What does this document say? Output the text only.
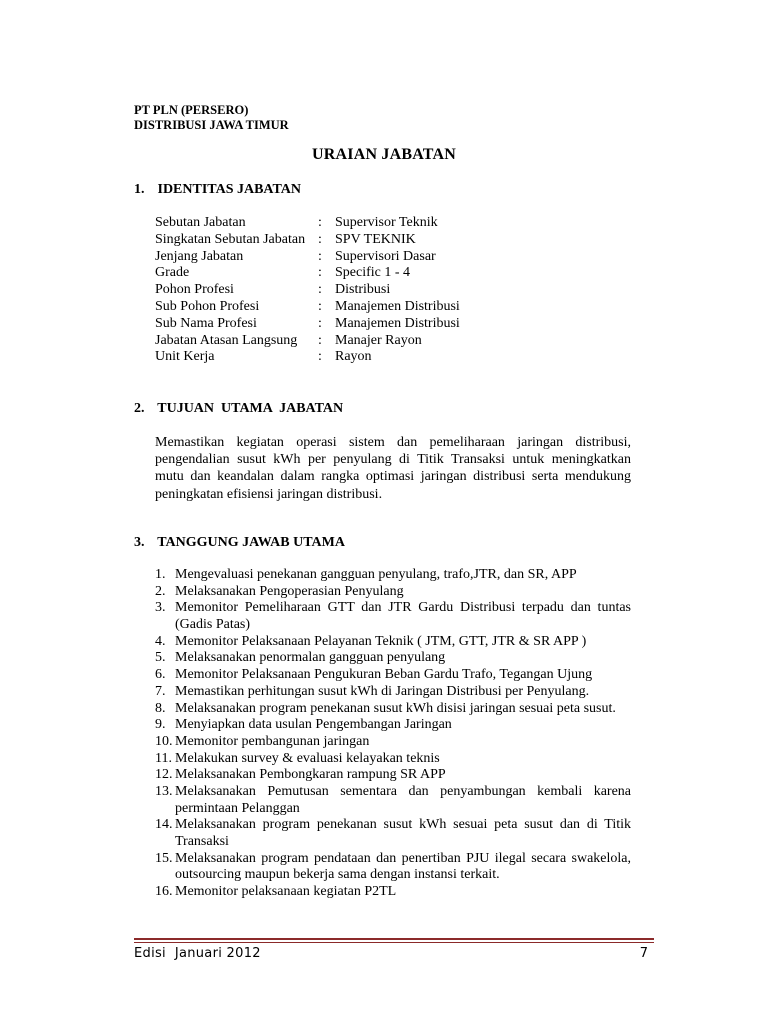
PT PLN (PERSERO)
DISTRIBUSI JAWA TIMUR
URAIAN JABATAN
1. IDENTITAS JABATAN
Sebutan Jabatan	: Supervisor Teknik
Singkatan Sebutan Jabatan : SPV TEKNIK
Jenjang Jabatan	: Supervisori Dasar
Grade	: Specific 1 - 4
Pohon Profesi	: Distribusi
Sub Pohon Profesi	: Manajemen Distribusi
Sub Nama Profesi	: Manajemen Distribusi
Jabatan Atasan Langsung : Manajer Rayon
Unit Kerja	: Rayon
2. TUJUAN  UTAMA  JABATAN
Memastikan kegiatan operasi sistem dan pemeliharaan jaringan distribusi,
pengendalian susut kWh per penyulang di Titik Transaksi untuk meningkatkan
mutu dan keandalan dalam rangka optimasi jaringan distribusi serta mendukung
peningkatan efisiensi jaringan distribusi.
3. TANGGUNG JAWAB UTAMA
1. Mengevaluasi penekanan gangguan penyulang, trafo,JTR, dan SR, APP
2. Melaksanakan Pengoperasian Penyulang
3. Memonitor Pemeliharaan GTT dan JTR Gardu Distribusi terpadu dan tuntas
(Gadis Patas)
4. Memonitor Pelaksanaan Pelayanan Teknik ( JTM, GTT, JTR & SR APP )
5. Melaksanakan penormalan gangguan penyulang
6. Memonitor Pelaksanaan Pengukuran Beban Gardu Trafo, Tegangan Ujung
7. Memastikan perhitungan susut kWh di Jaringan Distribusi per Penyulang.
8. Melaksanakan program penekanan susut kWh disisi jaringan sesuai peta susut.
9. Menyiapkan data usulan Pengembangan Jaringan
10. Memonitor pembangunan jaringan
11. Melakukan survey & evaluasi kelayakan teknis
12. Melaksanakan Pembongkaran rampung SR APP
13. Melaksanakan Pemutusan sementara dan penyambungan kembali karena
permintaan Pelanggan
14. Melaksanakan program penekanan susut kWh sesuai peta susut dan di Titik
Transaksi
15. Melaksanakan program pendataan dan penertiban PJU ilegal secara swakelola,
outsourcing maupun bekerja sama dengan instansi terkait.
16. Memonitor pelaksanaan kegiatan P2TL
Edisi  Januari 2012	7
